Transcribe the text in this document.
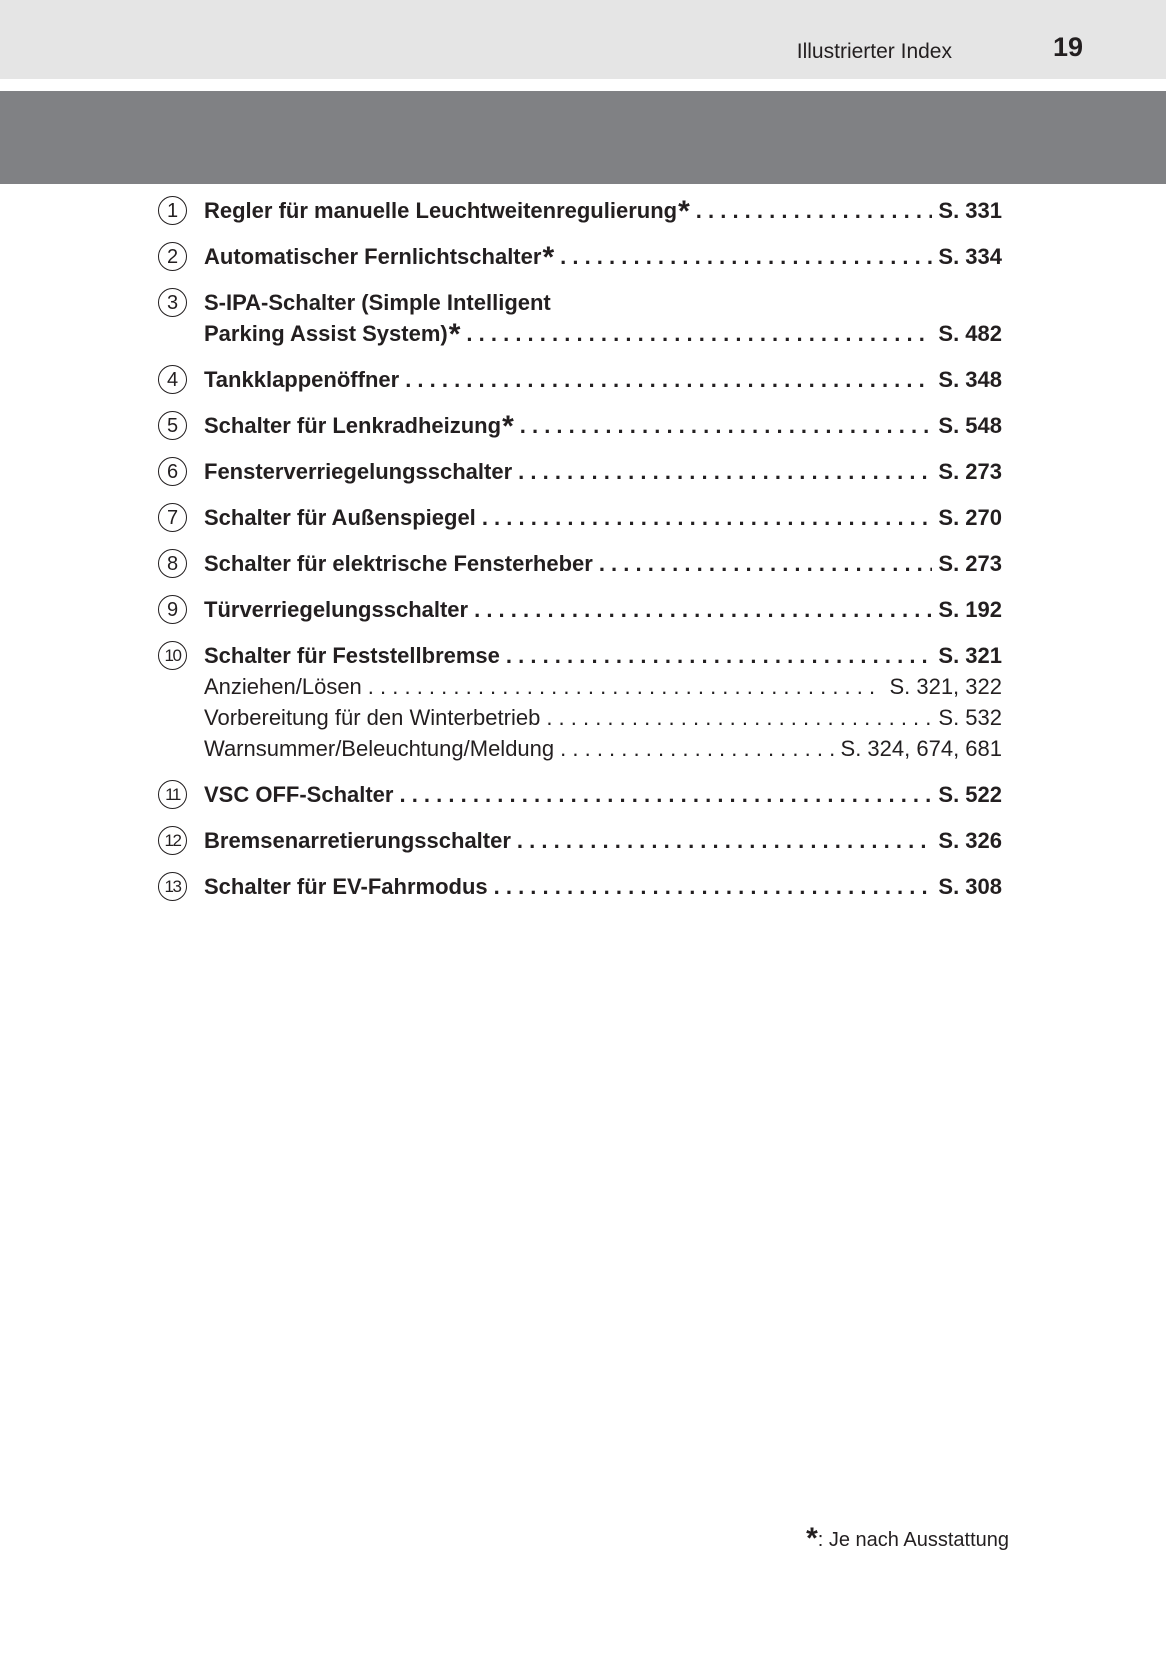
Illustrierter Index	19
1	Regler für manuelle Leuchtweitenregulierung * . . .	S. 331
2	Automatischer Fernlichtschalter * . . .	S. 334
3	S-IPA-Schalter (Simple Intelligent
Parking Assist System) * . . .	S. 482
4	Tankklappenöffner . . .	S. 348
5	Schalter für Lenkradheizung * . . .	S. 548
6	Fensterverriegelungsschalter . . .	S. 273
7	Schalter für Außenspiegel . . .	S. 270
8	Schalter für elektrische Fensterheber . . .	S. 273
9	Türverriegelungsschalter . . .	S. 192
10 Schalter für Feststellbremse . . .	S. 321
Anziehen/Lösen . . .	S. 321, 322
Vorbereitung für den Winterbetrieb . . .	S. 532
Warnsummer/Beleuchtung/Meldung . . .	S. 324, 674, 681
11	VSC OFF-Schalter . . .	S. 522
12 Bremsenarretierungsschalter . . .	S. 326
13 Schalter für EV-Fahrmodus . . .	S. 308
*: Je nach Ausstattung
